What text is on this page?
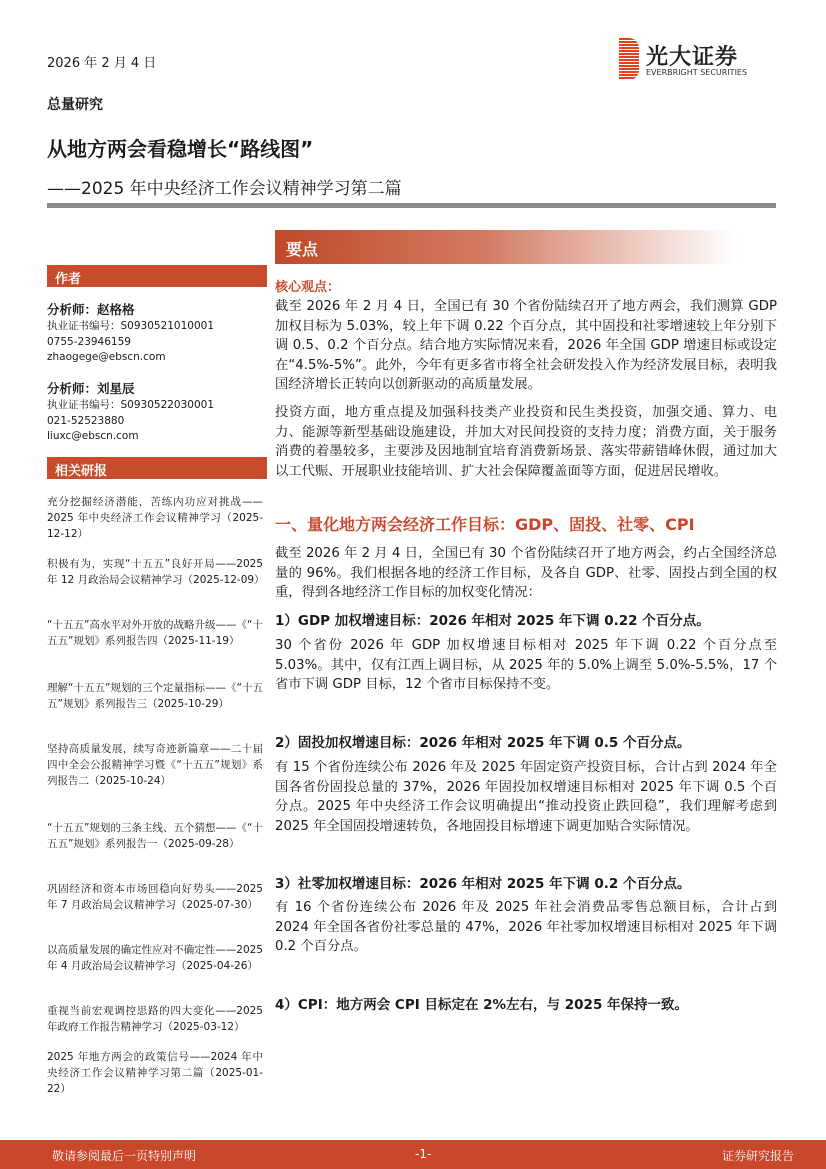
2026 年 2 月 4 日	光大证券
EVERBRIGHT SECURITIES
总量研究
从地方两会看稳增长“路线图”
——2025 年中央经济工作会议精神学习第二篇
要点
作者
分析师：赵格格
执业证书编号：S0930521010001
0755-23946159
zhaogege@ebscn.com
分析师：刘星辰
执业证书编号：S0930522030001
021-52523880
liuxc@ebscn.com
相关研报
充分挖掘经济潜能，苦练内功应对挑战——2025 年中央经济工作会议精神学习（2025-12-12）
积极有为，实现“十五五”良好开局——2025 年 12 月政治局会议精神学习（2025-12-09）
“十五五”高水平对外开放的战略升级——《“十五五”规划》系列报告四（2025-11-19）
理解“十五五”规划的三个定量指标——《“十五五”规划》系列报告三（2025-10-29）
坚持高质量发展，续写奇迹新篇章——二十届四中全会公报精神学习暨《“十五五”规划》系列报告二（2025-10-24）
“十五五”规划的三条主线、五个猜想——《“十五五”规划》系列报告一（2025-09-28）
巩固经济和资本市场回稳向好势头——2025 年 7 月政治局会议精神学习（2025-07-30）
以高质量发展的确定性应对不确定性——2025 年 4 月政治局会议精神学习（2025-04-26）
重视当前宏观调控思路的四大变化——2025 年政府工作报告精神学习（2025-03-12）
2025 年地方两会的政策信号——2024 年中央经济工作会议精神学习第二篇（2025-01-22）
核心观点：
截至 2026 年 2 月 4 日，全国已有 30 个省份陆续召开了地方两会，我们测算 GDP 加权目标为 5.03%，较上年下调 0.22 个百分点，其中固投和社零增速较上年分别下调 0.5、0.2 个百分点。结合地方实际情况来看，2026 年全国 GDP 增速目标或设定在“4.5%-5%”。此外，今年有更多省市将全社会研发投入作为经济发展目标，表明我国经济增长正转向以创新驱动的高质量发展。
投资方面，地方重点提及加强科技类产业投资和民生类投资，加强交通、算力、电力、能源等新型基础设施建设，并加大对民间投资的支持力度；消费方面，关于服务消费的着墨较多，主要涉及因地制宜培育消费新场景、落实带薪错峰休假，通过加大以工代赈、开展职业技能培训、扩大社会保障覆盖面等方面，促进居民增收。
一、量化地方两会经济工作目标：GDP、固投、社零、CPI
截至 2026 年 2 月 4 日，全国已有 30 个省份陆续召开了地方两会，约占全国经济总量的 96%。我们根据各地的经济工作目标，及各自 GDP、社零、固投占到全国的权重，得到各地经济工作目标的加权变化情况：
1）GDP 加权增速目标：2026 年相对 2025 年下调 0.22 个百分点。
30 个省份 2026 年 GDP 加权增速目标相对 2025 年下调 0.22 个百分点至 5.03%。其中，仅有江西上调目标，从 2025 年的 5.0%上调至 5.0%-5.5%，17 个省市下调 GDP 目标，12 个省市目标保持不变。
2）固投加权增速目标：2026 年相对 2025 年下调 0.5 个百分点。
有 15 个省份连续公布 2026 年及 2025 年固定资产投资目标，合计占到 2024 年全国各省份固投总量的 37%，2026 年固投加权增速目标相对 2025 年下调 0.5 个百分点。2025 年中央经济工作会议明确提出“推动投资止跌回稳”，我们理解考虑到 2025 年全国固投增速转负，各地固投目标增速下调更加贴合实际情况。
3）社零加权增速目标：2026 年相对 2025 年下调 0.2 个百分点。
有 16 个省份连续公布 2026 年及 2025 年社会消费品零售总额目标，合计占到 2024 年全国各省份社零总量的 47%，2026 年社零加权增速目标相对 2025 年下调 0.2 个百分点。
4）CPI：地方两会 CPI 目标定在 2%左右，与 2025 年保持一致。
敬请参阅最后一页特别声明	-1-	证券研究报告
